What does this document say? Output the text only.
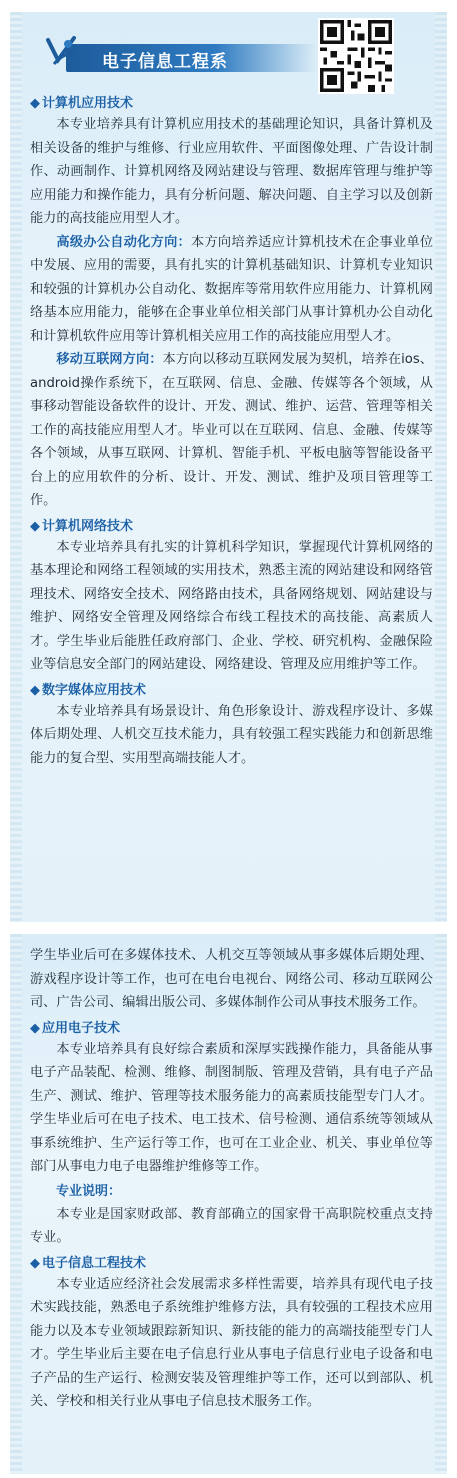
电子信息工程系

◆ 计算机应用技术

本专业培养具有计算机应用技术的基础理论知识，具备计算机及相关设备的维护与维修、行业应用软件、平面图像处理、广告设计制作、动画制作、计算机网络及网站建设与管理、数据库管理与维护等应用能力和操作能力，具有分析问题、解决问题、自主学习以及创新能力的高技能应用型人才。

高级办公自动化方向：本方向培养适应计算机技术在企事业单位中发展、应用的需要，具有扎实的计算机基础知识、计算机专业知识和较强的计算机办公自动化、数据库等常用软件应用能力、计算机网络基本应用能力，能够在企事业单位相关部门从事计算机办公自动化和计算机软件应用等计算机相关应用工作的高技能应用型人才。

移动互联网方向：本方向以移动互联网发展为契机，培养在ios、android操作系统下，在互联网、信息、金融、传媒等各个领域，从事移动智能设备软件的设计、开发、测试、维护、运营、管理等相关工作的高技能应用型人才。毕业可以在互联网、信息、金融、传媒等各个领域，从事互联网、计算机、智能手机、平板电脑等智能设备平台上的应用软件的分析、设计、开发、测试、维护及项目管理等工作。

◆ 计算机网络技术

本专业培养具有扎实的计算机科学知识，掌握现代计算机网络的基本理论和网络工程领域的实用技术，熟悉主流的网站建设和网络管理技术、网络安全技术、网络路由技术，具备网络规划、网站建设与维护、网络安全管理及网络综合布线工程技术的高技能、高素质人才。学生毕业后能胜任政府部门、企业、学校、研究机构、金融保险业等信息安全部门的网站建设、网络建设、管理及应用维护等工作。

◆ 数字媒体应用技术

本专业培养具有场景设计、角色形象设计、游戏程序设计、多媒体后期处理、人机交互技术能力，具有较强工程实践能力和创新思维能力的复合型、实用型高端技能人才。

学生毕业后可在多媒体技术、人机交互等领域从事多媒体后期处理、游戏程序设计等工作，也可在电台电视台、网络公司、移动互联网公司、广告公司、编辑出版公司、多媒体制作公司从事技术服务工作。

◆ 应用电子技术

本专业培养具有良好综合素质和深厚实践操作能力，具备能从事电子产品装配、检测、维修、制图制版、管理及营销，具有电子产品生产、测试、维护、管理等技术服务能力的高素质技能型专门人才。学生毕业后可在电子技术、电工技术、信号检测、通信系统等领域从事系统维护、生产运行等工作，也可在工业企业、机关、事业单位等部门从事电力电子电器维护维修等工作。

专业说明：

本专业是国家财政部、教育部确立的国家骨干高职院校重点支持专业。

◆ 电子信息工程技术

本专业适应经济社会发展需求多样性需要，培养具有现代电子技术实践技能，熟悉电子系统维护维修方法，具有较强的工程技术应用能力以及本专业领域跟踪新知识、新技能的能力的高端技能型专门人才。学生毕业后主要在电子信息行业从事电子信息行业电子设备和电子产品的生产运行、检测安装及管理维护等工作，还可以到部队、机关、学校和相关行业从事电子信息技术服务工作。
